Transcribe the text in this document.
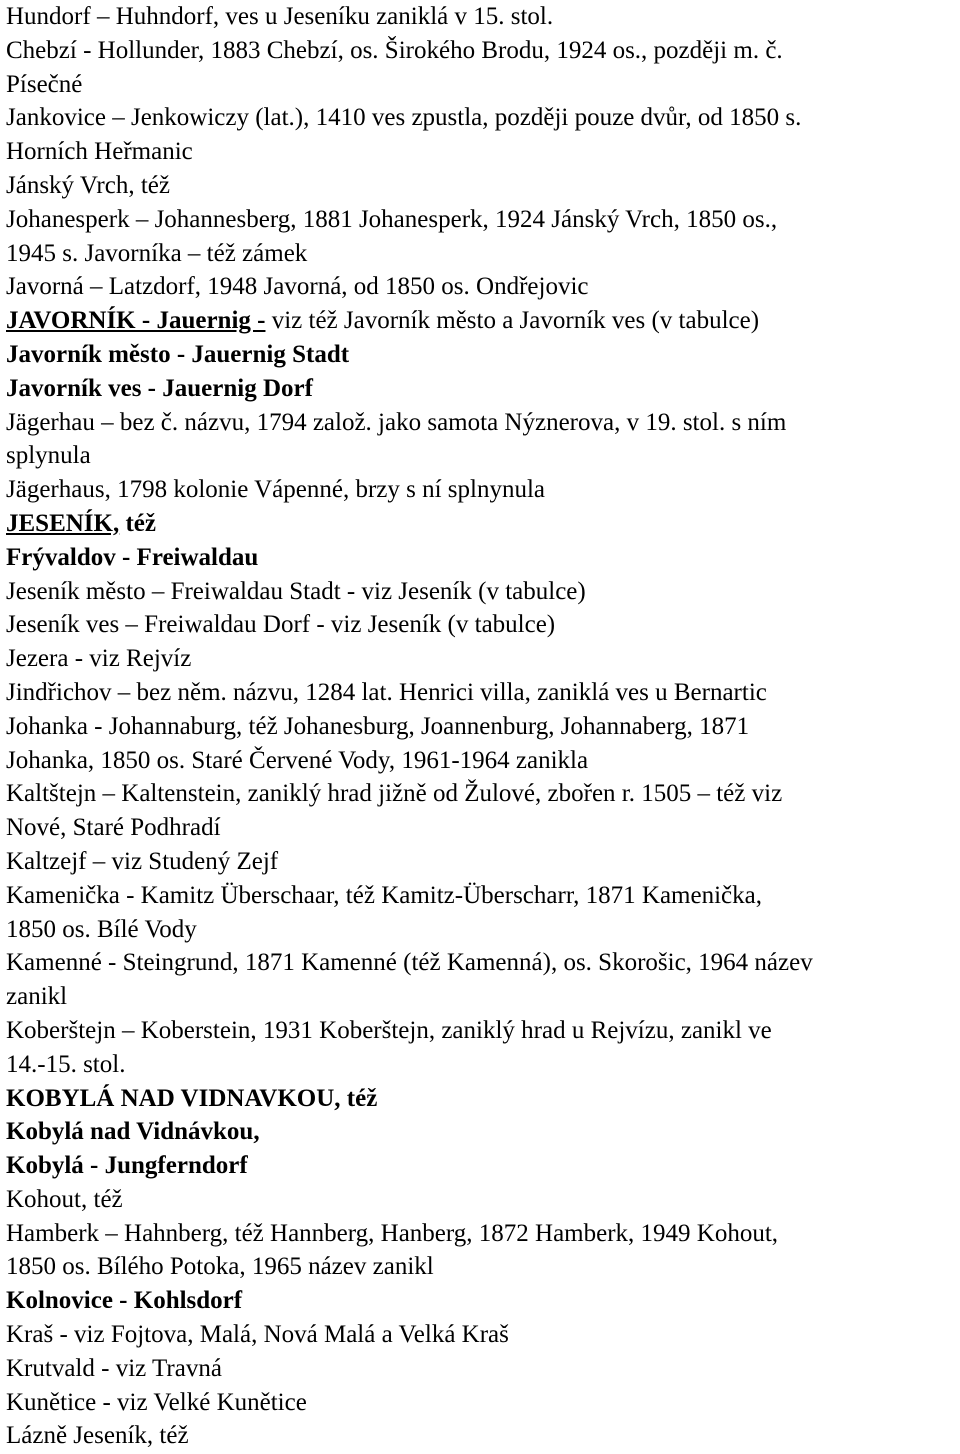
Hundorf – Huhndorf, ves u Jeseníku zaniklá v 15. stol.
Chebzí - Hollunder, 1883 Chebzí, os. Širokého Brodu, 1924 os., později m. č.
Písečné
Jankovice – Jenkowiczy (lat.), 1410 ves zpustla, později pouze dvůr, od 1850 s.
Horních Heřmanic
Jánský Vrch, též
Johanesperk – Johannesberg, 1881 Johanesperk, 1924 Jánský Vrch, 1850 os.,
1945 s. Javorníka – též zámek
Javorná – Latzdorf, 1948 Javorná, od 1850 os. Ondřejovic
JAVORNÍK - Jauernig - viz též Javorník město a Javorník ves (v tabulce)
Javorník město - Jauernig Stadt
Javorník ves - Jauernig Dorf
Jägerhau – bez č. názvu, 1794 založ. jako samota Nýznerova, v 19. stol. s ním
splynula
Jägerhaus, 1798 kolonie Vápenné, brzy s ní splnynula
JESENÍK, též
Frývaldov - Freiwaldau
Jeseník město – Freiwaldau Stadt - viz Jeseník (v tabulce)
Jeseník ves – Freiwaldau Dorf - viz Jeseník (v tabulce)
Jezera - viz Rejvíz
Jindřichov – bez něm. názvu, 1284 lat. Henrici villa, zaniklá ves u Bernartic
Johanka - Johannaburg, též Johanesburg, Joannenburg, Johannaberg, 1871
Johanka, 1850 os. Staré Červené Vody, 1961-1964 zanikla
Kaltštejn – Kaltenstein, zaniklý hrad jižně od Žulové, zbořen r. 1505 – též viz
Nové, Staré Podhradí
Kaltzejf – viz Studený Zejf
Kamenička - Kamitz Überschaar, též Kamitz-Überscharr, 1871 Kamenička,
1850 os. Bílé Vody
Kamenné - Steingrund, 1871 Kamenné (též Kamenná), os. Skorošic, 1964 název
zanikl
Koberštejn – Koberstein, 1931 Koberštejn, zaniklý hrad u Rejvízu, zanikl ve
14.-15. stol.
KOBYLÁ NAD VIDNAVKOU, též
Kobylá nad Vidnávkou,
Kobylá - Jungferndorf
Kohout, též
Hamberk – Hahnberg, též Hannberg, Hanberg, 1872 Hamberk, 1949 Kohout,
1850 os. Bílého Potoka, 1965 název zanikl
Kolnovice - Kohlsdorf
Kraš - viz Fojtova, Malá, Nová Malá a Velká Kraš
Krutvald - viz Travná
Kunětice - viz Velké Kunětice
Lázně Jeseník, též
